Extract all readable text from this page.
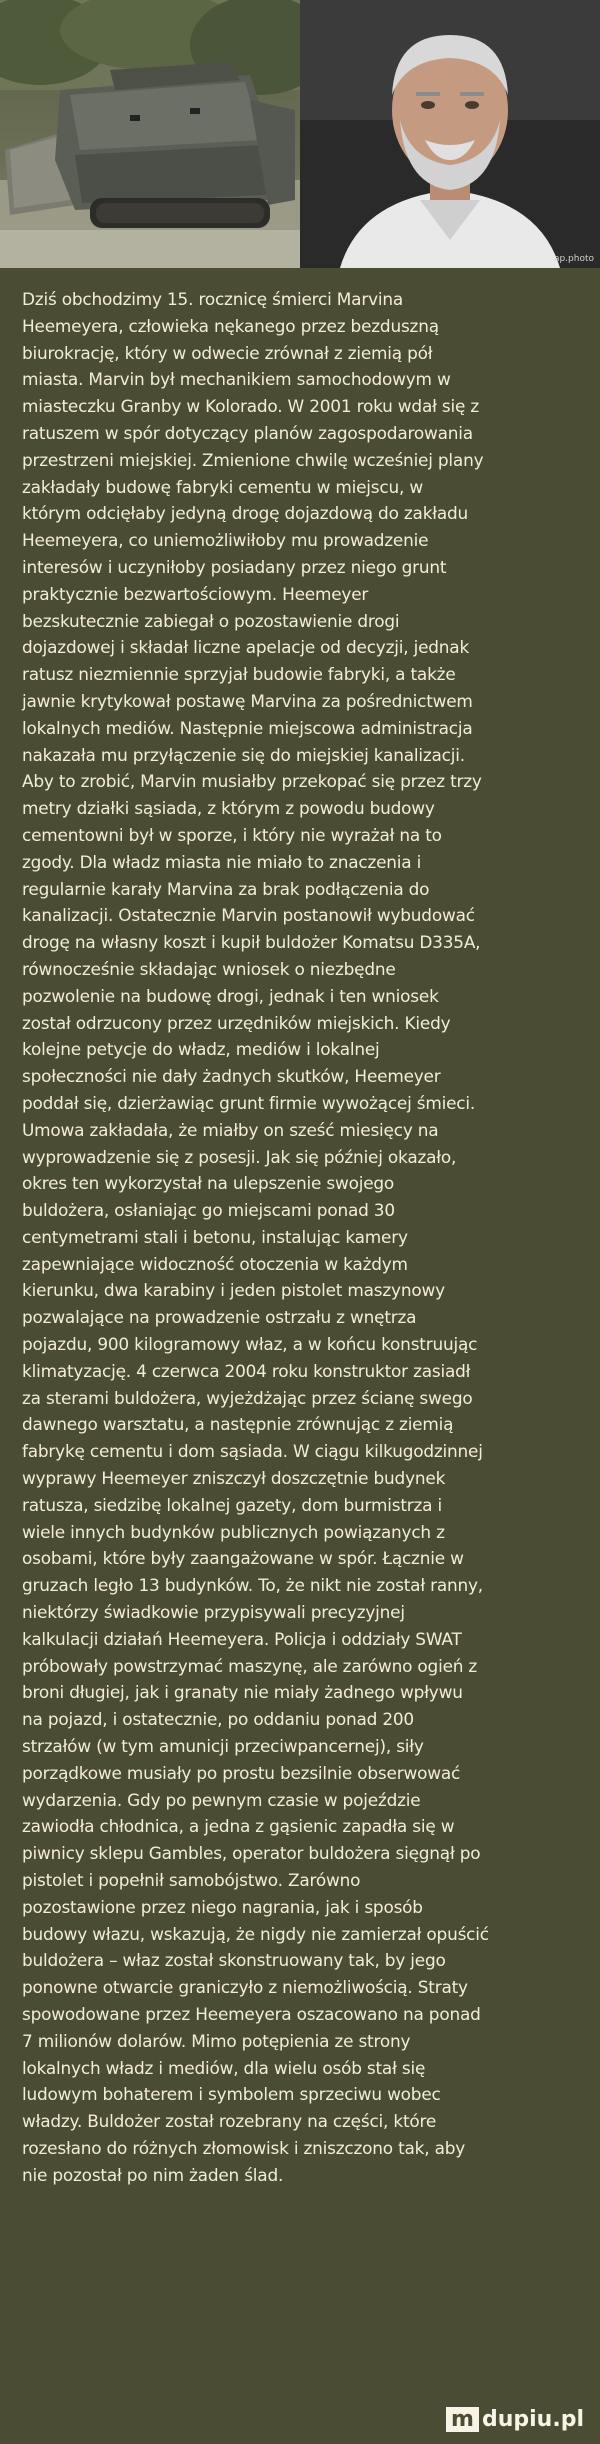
ap.photo

Dziś obchodzimy 15. rocznicę śmierci Marvina
Heemeyera, człowieka nękanego przez bezduszną
biurokrację, który w odwecie zrównał z ziemią pół
miasta. Marvin był mechanikiem samochodowym w
miasteczku Granby w Kolorado. W 2001 roku wdał się z
ratuszem w spór dotyczący planów zagospodarowania
przestrzeni miejskiej. Zmienione chwilę wcześniej plany
zakładały budowę fabryki cementu w miejscu, w
którym odcięłaby jedyną drogę dojazdową do zakładu
Heemeyera, co uniemożliwiłoby mu prowadzenie
interesów i uczyniłoby posiadany przez niego grunt
praktycznie bezwartościowym. Heemeyer
bezskutecznie zabiegał o pozostawienie drogi
dojazdowej i składał liczne apelacje od decyzji, jednak
ratusz niezmiennie sprzyjał budowie fabryki, a także
jawnie krytykował postawę Marvina za pośrednictwem
lokalnych mediów. Następnie miejscowa administracja
nakazała mu przyłączenie się do miejskiej kanalizacji.
Aby to zrobić, Marvin musiałby przekopać się przez trzy
metry działki sąsiada, z którym z powodu budowy
cementowni był w sporze, i który nie wyrażał na to
zgody. Dla władz miasta nie miało to znaczenia i
regularnie karały Marvina za brak podłączenia do
kanalizacji. Ostatecznie Marvin postanowił wybudować
drogę na własny koszt i kupił buldożer Komatsu D335A,
równocześnie składając wniosek o niezbędne
pozwolenie na budowę drogi, jednak i ten wniosek
został odrzucony przez urzędników miejskich. Kiedy
kolejne petycje do władz, mediów i lokalnej
społeczności nie dały żadnych skutków, Heemeyer
poddał się, dzierżawiąc grunt firmie wywożącej śmieci.
Umowa zakładała, że miałby on sześć miesięcy na
wyprowadzenie się z posesji. Jak się później okazało,
okres ten wykorzystał na ulepszenie swojego
buldożera, osłaniając go miejscami ponad 30
centymetrami stali i betonu, instalując kamery
zapewniające widoczność otoczenia w każdym
kierunku, dwa karabiny i jeden pistolet maszynowy
pozwalające na prowadzenie ostrzału z wnętrza
pojazdu, 900 kilogramowy właz, a w końcu konstruując
klimatyzację. 4 czerwca 2004 roku konstruktor zasiadł
za sterami buldożera, wyjeżdżając przez ścianę swego
dawnego warsztatu, a następnie zrównując z ziemią
fabrykę cementu i dom sąsiada. W ciągu kilkugodzinnej
wyprawy Heemeyer zniszczył doszczętnie budynek
ratusza, siedzibę lokalnej gazety, dom burmistrza i
wiele innych budynków publicznych powiązanych z
osobami, które były zaangażowane w spór. Łącznie w
gruzach legło 13 budynków. To, że nikt nie został ranny,
niektórzy świadkowie przypisywali precyzyjnej
kalkulacji działań Heemeyera. Policja i oddziały SWAT
próbowały powstrzymać maszynę, ale zarówno ogień z
broni długiej, jak i granaty nie miały żadnego wpływu
na pojazd, i ostatecznie, po oddaniu ponad 200
strzałów (w tym amunicji przeciwpancernej), siły
porządkowe musiały po prostu bezsilnie obserwować
wydarzenia. Gdy po pewnym czasie w pojeździe
zawiodła chłodnica, a jedna z gąsienic zapadła się w
piwnicy sklepu Gambles, operator buldożera sięgnął po
pistolet i popełnił samobójstwo. Zarówno
pozostawione przez niego nagrania, jak i sposób
budowy włazu, wskazują, że nigdy nie zamierzał opuścić
buldożera – właz został skonstruowany tak, by jego
ponowne otwarcie graniczyło z niemożliwością. Straty
spowodowane przez Heemeyera oszacowano na ponad
7 milionów dolarów. Mimo potępienia ze strony
lokalnych władz i mediów, dla wielu osób stał się
ludowym bohaterem i symbolem sprzeciwu wobec
władzy. Buldożer został rozebrany na części, które
rozesłano do różnych złomowisk i zniszczono tak, aby
nie pozostał po nim żaden ślad.

m dupiu.pl
